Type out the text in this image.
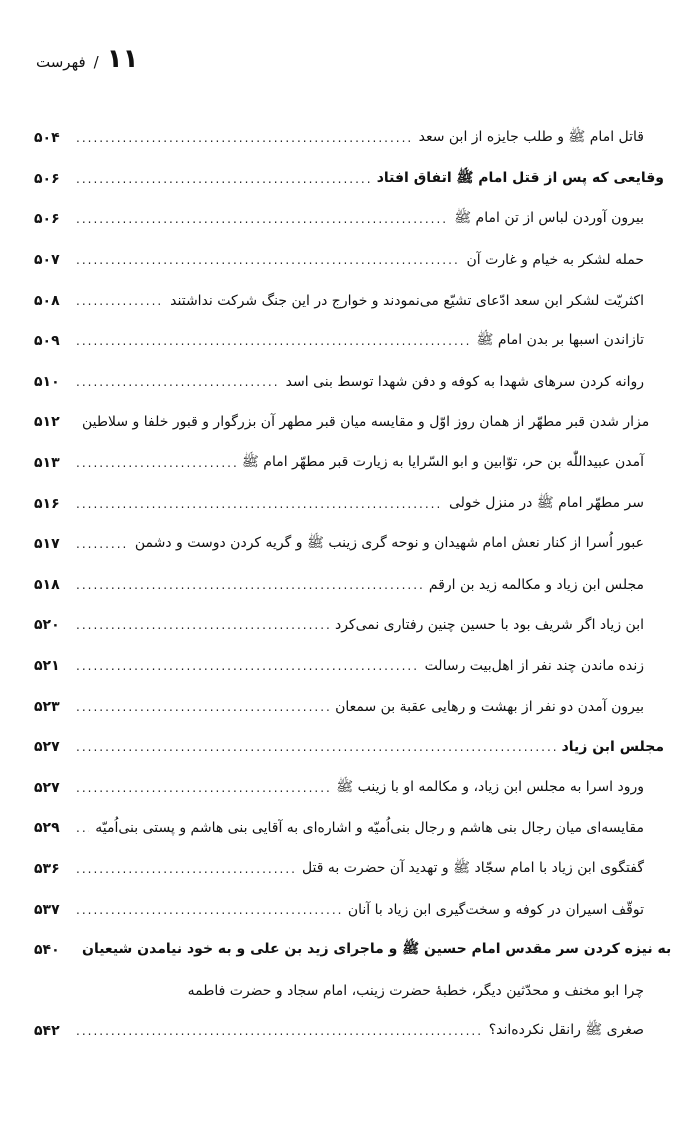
فهرست / ١١
۵۰۴ .....	قاتل امام ﷺ و طلب جایزه از ابن سعد
۵۰۶ .....	وقایعی که پس از قتل امام ﷺ اتفاق افتاد
۵۰۶ .....	بیرون آوردن لباس از تن امام ﷺ
۵۰۷ .....	حمله لشکر به خیام و غارت آن
۵۰۸ .....	اکثریّت لشکر ابن سعد ادّعای تشیّع می‌نمودند و خوارج در این جنگ شرکت نداشتند
۵۰۹ .....	تازاندن اسبها بر بدن امام ﷺ
۵۱۰ .....	روانه کردن سرهای شهدا به کوفه و دفن شهدا توسط بنی اسد
۵۱۲	مزار شدن قبر مطهّر از همان روز اوّل و مقایسه میان قبر مطهر آن بزرگوار و قبور خلفا و سلاطین
۵۱۳ .....	آمدن عبیداللّٰه بن حر، توّابین و ابو السّرایا به زیارت قبر مطهّر امام ﷺ
۵۱۶ .....	سر مطهّر امام ﷺ در منزل خولی
۵۱۷ .....	عبور اُسرا از کنار نعش امام شهیدان و نوحه گری زینب ﷺ و گریه کردن دوست و دشمن
۵۱۸ .....	مجلس ابن زیاد و مکالمه زید بن ارقم
۵۲۰ .....	ابن زیاد اگر شریف بود با حسین چنین رفتاری نمی‌کرد
۵۲۱ .....	زنده ماندن چند نفر از اهل‌بیت رسالت
۵۲۳ .....	بیرون آمدن دو نفر از بهشت و رهایی عقبة بن سمعان
۵۲۷ .....	مجلس ابن زیاد
۵۲۷ .....	ورود اسرا به مجلس ابن زیاد، و مکالمه او با زینب ﷺ
۵۲۹ .....	مقایسه‌ای میان رجال بنی هاشم و رجال بنی‌اُمیّه و اشاره‌ای به آقایی بنی هاشم و پستی بنی‌اُمیّه
۵۳۶ .....	گفتگوی ابن زیاد با امام سجّاد ﷺ و تهدید آن حضرت به قتل
۵۳۷ .....	توقّف اسیران در کوفه و سخت‌گیری ابن زیاد با آنان
۵۴۰	به نیزه کردن سر مقدس امام حسین ﷺ و ماجرای زید بن علی و به خود نیامدن شیعیان
چرا ابو مخنف و محدّثین دیگر، خطبهٔ حضرت زینب، امام سجاد و حضرت فاطمه
۵۴۲ .....	صغری ﷺ رانقل نکرده‌اند؟
